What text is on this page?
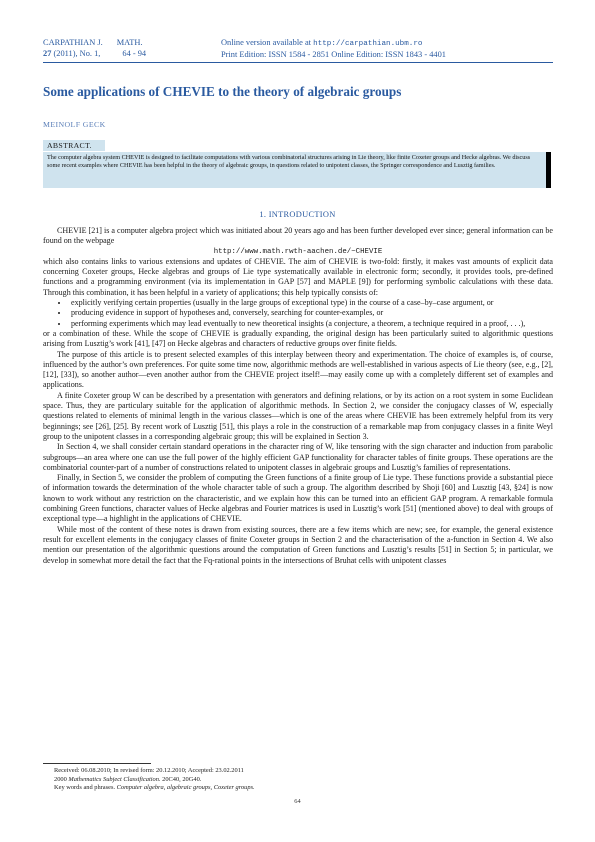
CARPATHIAN J. MATH.
27 (2011), No. 1,	64 - 94
Online version available at http://carpathian.ubm.ro
Print Edition: ISSN 1584 - 2851 Online Edition: ISSN 1843 - 4401
Some applications of CHEVIE to the theory of algebraic groups
MEINOLF GECK
ABSTRACT.
The computer algebra system CHEVIE is designed to facilitate computations with various combinatorial structures arising in Lie theory, like finite Coxeter groups and Hecke algebras. We discuss some recent examples where CHEVIE has been helpful in the theory of algebraic groups, in questions related to unipotent classes, the Springer correspondence and Lusztig families.
1. INTRODUCTION

CHEVIE [21] is a computer algebra project which was initiated about 20 years ago and has been further developed ever since; general information can be found on the webpage

http://www.math.rwth-aachen.de/~CHEVIE

which also contains links to various extensions and updates of CHEVIE. The aim of CHEVIE is two-fold: firstly, it makes vast amounts of explicit data concerning Coxeter groups, Hecke algebras and groups of Lie type systematically available in electronic form; secondly, it provides tools, pre-defined functions and a programming environment (via its implementation in GAP [57] and MAPLE [9]) for performing symbolic calculations with these data. Through this combination, it has been helpful in a variety of applications; this help typically consists of:

• explicitly verifying certain properties (usually in the large groups of exceptional type) in the course of a case–by–case argument, or
• producing evidence in support of hypotheses and, conversely, searching for counter-examples, or
• performing experiments which may lead eventually to new theoretical insights (a conjecture, a theorem, a technique required in a proof, . . .),

or a combination of these. While the scope of CHEVIE is gradually expanding, the original design has been particularly suited to algorithmic questions arising from Lusztig’s work [41], [47] on Hecke algebras and characters of reductive groups over finite fields.

The purpose of this article is to present selected examples of this interplay between theory and experimentation. The choice of examples is, of course, influenced by the author’s own preferences. For quite some time now, algorithmic methods are well-established in various aspects of Lie theory (see, e.g., [2], [12], [33]), so another author—even another author from the CHEVIE project itself!—may easily come up with a completely different set of examples and applications.

A finite Coxeter group W can be described by a presentation with generators and defining relations, or by its action on a root system in some Euclidean space. Thus, they are particulary suitable for the application of algorithmic methods. In Section 2, we consider the conjugacy classes of W, especially questions related to elements of minimal length in the various classes—which is one of the areas where CHEVIE has been extremely helpful from its very beginnings; see [26], [25]. By recent work of Lusztig [51], this plays a role in the construction of a remarkable map from conjugacy classes in a finite Weyl group to the unipotent classes in a corresponding algebraic group; this will be explained in Section 3.

In Section 4, we shall consider certain standard operations in the character ring of W, like tensoring with the sign character and induction from parabolic subgroups—an area where one can use the full power of the highly efficient GAP functionality for character tables of finite groups. These operations are the combinatorial counter-part of a number of constructions related to unipotent classes in algebraic groups and Lusztig’s families of representations.

Finally, in Section 5, we consider the problem of computing the Green functions of a finite group of Lie type. These functions provide a substantial piece of information towards the determination of the whole character table of such a group. The algorithm described by Shoji [60] and Lusztig [43, §24] is now known to work without any restriction on the characteristic, and we explain how this can be turned into an efficient GAP program. A remarkable formula combining Green functions, character values of Hecke algebras and Fourier matrices is used in Lusztig’s work [51] (mentioned above) to deal with groups of exceptional type—a highlight in the applications of CHEVIE.

While most of the content of these notes is drawn from existing sources, there are a few items which are new; see, for example, the general existence result for excellent elements in the conjugacy classes of finite Coxeter groups in Section 2 and the characterisation of the a-function in Section 4. We also mention our presentation of the algorithmic questions around the computation of Green functions and Lusztig’s results [51] in Section 5; in particular, we develop in somewhat more detail the fact that the Fq-rational points in the intersections of Bruhat cells with unipotent classes

Received: 06.08.2010; In revised form: 20.12.2010; Accepted: 23.02.2011
2000 Mathematics Subject Classification. 20C40, 20G40.
Key words and phrases. Computer algebra, algebraic groups, Coxeter groups.
64
